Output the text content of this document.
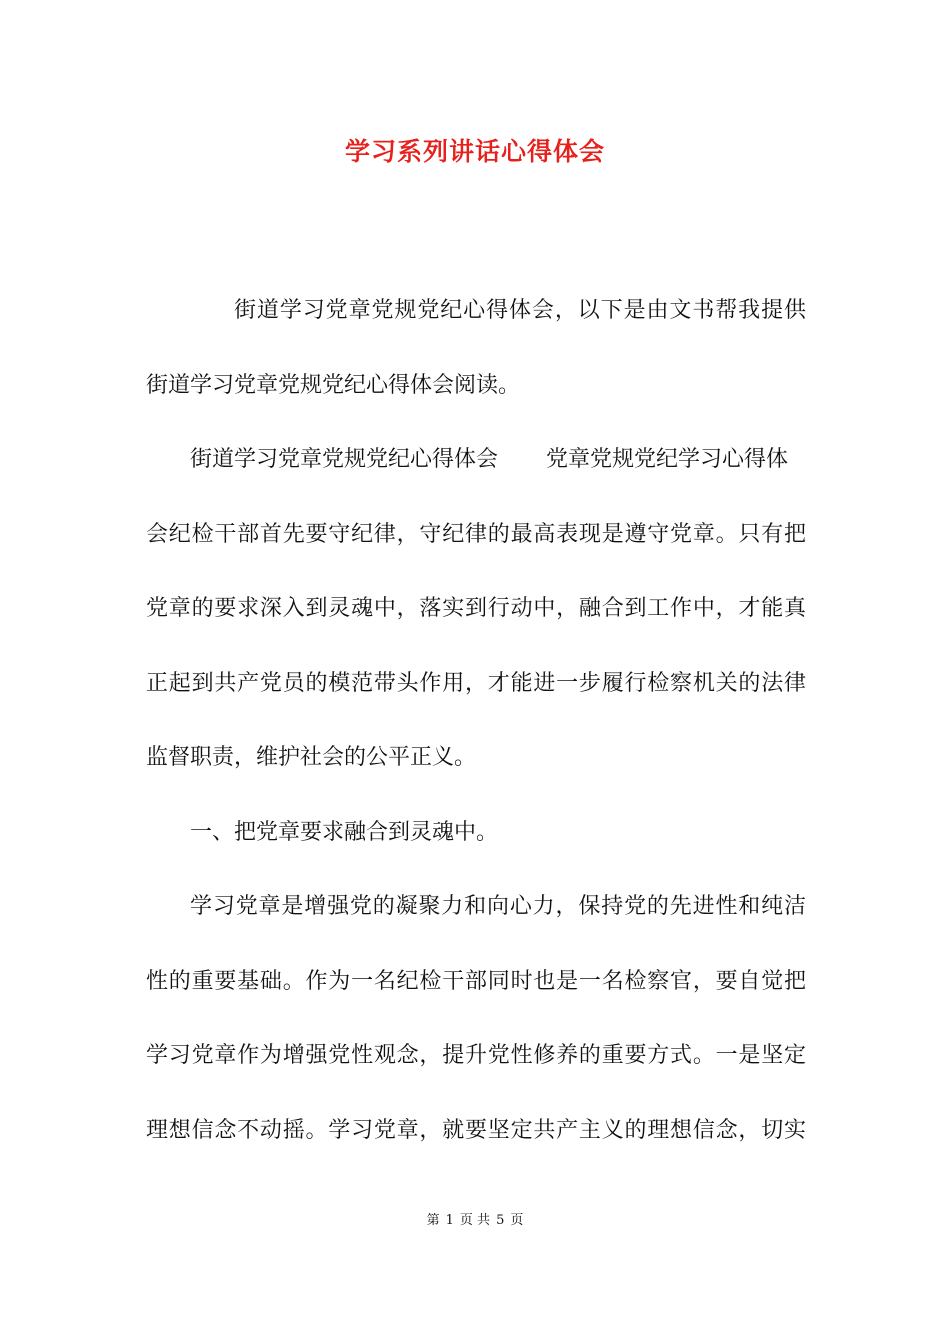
学习系列讲话心得体会
街道学习党章党规党纪心得体会，以下是由文书帮我提供
街道学习党章党规党纪心得体会阅读。
街道学习党章党规党纪心得体会 党章党规党纪学习心得体
会纪检干部首先要守纪律，守纪律的最高表现是遵守党章。只有把
党章的要求深入到灵魂中，落实到行动中，融合到工作中，才能真
正起到共产党员的模范带头作用，才能进一步履行检察机关的法律
监督职责，维护社会的公平正义。
一、把党章要求融合到灵魂中。
学习党章是增强党的凝聚力和向心力，保持党的先进性和纯洁
性的重要基础。作为一名纪检干部同时也是一名检察官，要自觉把
学习党章作为增强党性观念，提升党性修养的重要方式。一是坚定
理想信念不动摇。学习党章，就要坚定共产主义的理想信念，切实
第 1 页 共 5 页
